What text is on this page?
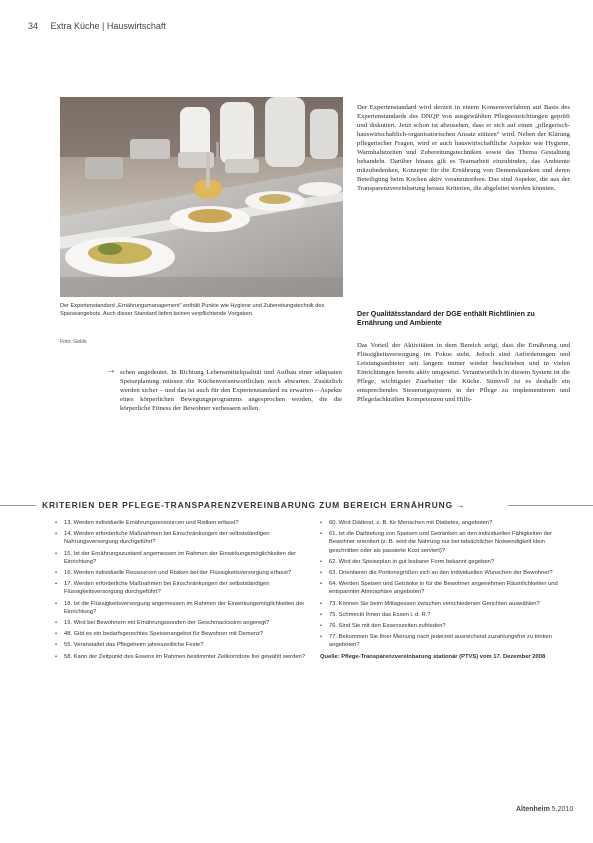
34 Extra Küche | Hauswirtschaft
Der Expertenstandard „Ernährungsmanagement“ enthält Punkte wie Hygiene und Zubereitungstechnik des Speiseangebots. Auch dieser Standard liefert keinen verpflichtende Vorgaben.
Foto: Gekle
→ schen angedeutet. In Richtung Lebensmittelqualität und Aufbau einer adäquaten Speiseplanung müssen die Küchenverantwortlichen noch abwarten. Zusätzlich werden sicher – und das ist auch für den Expertenstandard zu erwarten – Aspekte eines körperlichen Bewegungsprogramms angesprochen werden, die die körperliche Fitness der Bewohner verbessern sollen.

Der Expertenstandard wird derzeit in einem Konsensverfahren auf Basis des Expertenstandards des DNQP von ausgewählten Pflegeeinrichtungen geprüft und diskutiert. Jetzt schon ist abzusehen, dass er sich auf einen „pflegerisch-hauswirtschaftlich-organisatorischen Ansatz stützen“ wird. Neben der Klärung pflegerischer Fragen, wird er auch hauswirtschaftliche Aspekte wie Hygiene, Warmhaltezeiten und Zubereitungstechniken sowie das Thema Gestaltung behandeln. Darüber hinaus gilt es Teamarbeit einzubinden, das Ambiente mitzubedenken, Konzepte für die Ernährung von Demenzkranken und deren Beteiligung beim Kochen aktiv voranzutreiben. Das sind Aspekte, die aus der Transparenzvereinbarung heraus Kriterien, die abgeleitet werden könnten.

Der Qualitätsstandard der DGE enthält Richtlinien zu Ernährung und Ambiente

Das Vorteil der Aktivitäten in dem Bereich zeigt, dass die Ernährung und Flüssigkeitsversorgung im Fokus steht. Jedoch sind Anforderungen und Leistungsanbieter seit langem immer wieder beschrieben und in vielen Einrichtungen bereits aktiv umgesetzt. Verantwortlich in diesem System ist die Pflege, wichtigster Zuarbeiter die Küche. Sinnvoll ist es deshalb ein entsprechendes Steuerungssystem in der Pflege zu implementieren und Pflegefachkräften Kompetenzen und Hilfs-

KRITERIEN DER PFLEGE-TRANSPARENZVEREINBARUNG ZUM BEREICH ERNÄHRUNG →
• 13. Werden individuelle Ernährungsressourcen und Risiken erfasst?
• 14. Werden erforderliche Maßnahmen bei Einschränkungen der selbstständigen Nahrungsversorgung durchgeführt?
• 15. Ist der Ernährungszustand angemessen im Rahmen der Einwirkungsmöglichkeiten der Einrichtung?
• 16. Werden individuelle Ressourcen und Risiken bei der Flüssigkeitsversorgung erfasst?
• 17. Werden erforderliche Maßnahmen bei Einschränkungen der selbstständigen Flüssigkeitsversorgung durchgeführt?
• 18. Ist die Flüssigkeitsversorgung angemessen im Rahmen der Einwirkungsmöglichkeiten der Einrichtung?
• 19. Wird bei Bewohnern mit Ernährungssonden der Geschmackssinn angeregt?
• 48. Gibt es ein bedarfsgerechtes Speisenangebot für Bewohner mit Demenz?
• 55. Veranstaltet das Pflegeheim jahreszeitliche Feste?
• 58. Kann der Zeitpunkt des Essens im Rahmen bestimmter Zeitkorridore frei gewählt werden?
• 60. Wird Diätkost, z. B. für Menschen mit Diabetes, angeboten?
• 61. Ist die Darbietung von Speisen und Getränken an den individuellen Fähigkeiten der Bewohner orientiert (z. B. wird die Nahrung nur bei tatsächlicher Notwendigkeit klein geschnitten oder als passierte Kost serviert)?
• 62. Wird der Speiseplan in gut lesbarer Form bekannt gegeben?
• 63. Orientieren die Portionsgrößen sich an den individuellen Wünschen der Bewohner?
• 64. Werden Speisen und Getränke in für die Bewohner angenehmen Räumlichkeiten und entspannter Atmosphäre angeboten?
• 73. Können Sie beim Mittagessen zwischen verschiedenen Gerichten auswählen?
• 75. Schmeckt Ihnen das Essen i. d. R.?
• 76. Sind Sie mit den Essenszeiten zufrieden?
• 77. Bekommen Sie Ihrer Meinung nach jederzeit ausreichend zuzahlungsfrei zu trinken angeboten?
Quelle: Pflege-Transparenzvereinbarung stationär (PTVS) vom 17. Dezember 2008
Altenheim 5.2010
